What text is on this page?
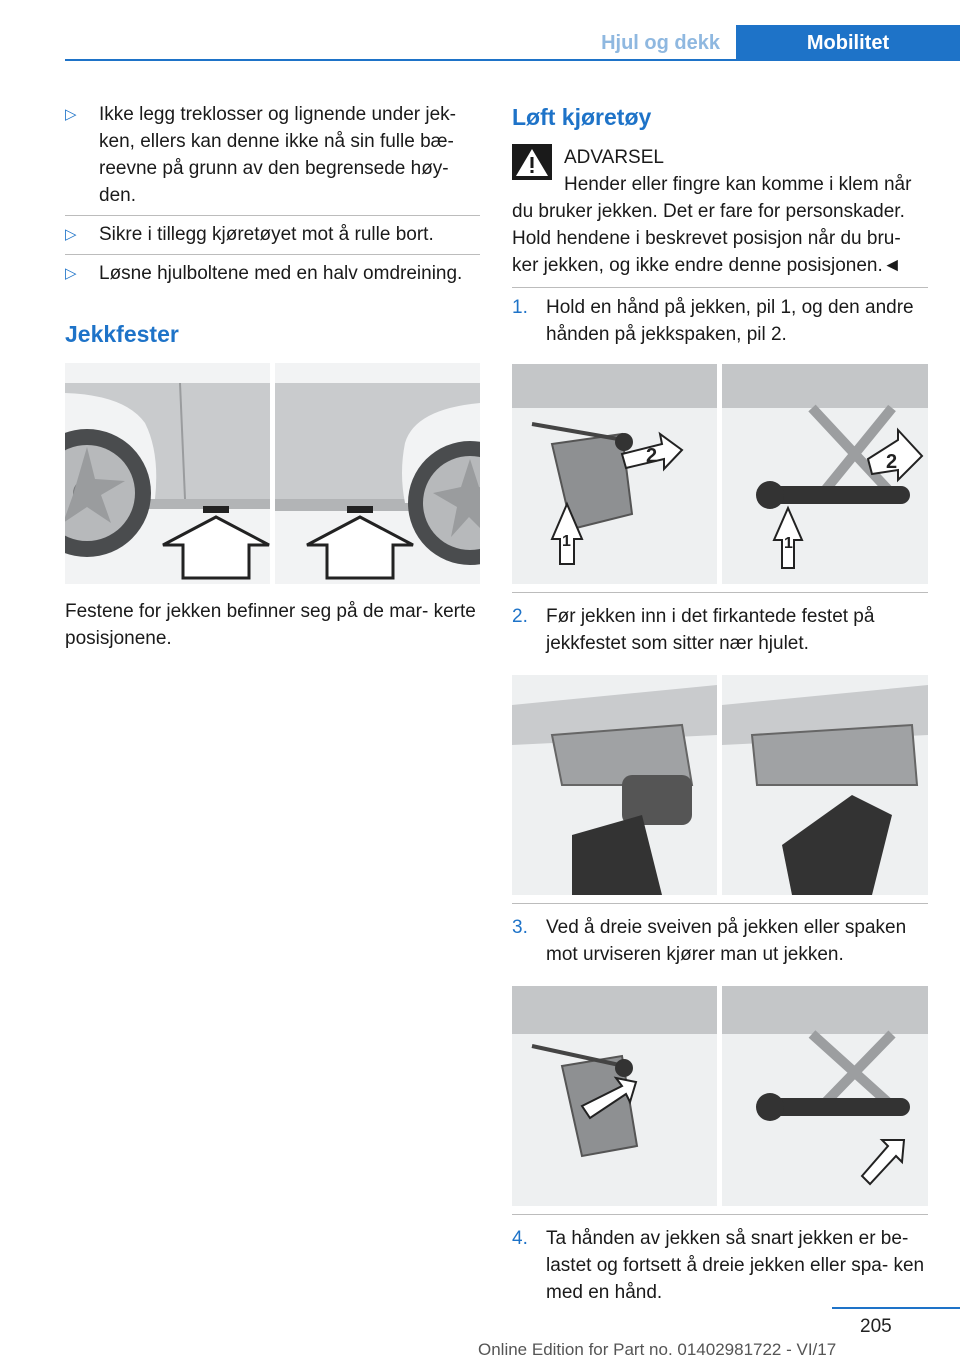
Hjul og dekk	Mobilitet
▷ Ikke legg treklosser og lignende under jek- ken, ellers kan denne ikke nå sin fulle bæ- reevne på grunn av den begrensede høy- den.
▷ Sikre i tillegg kjøretøyet mot å rulle bort.
▷ Løsne hjulboltene med en halv omdreining.
Jekkfester

Festene for jekken befinner seg på de mar- kerte posisjonene.

Løft kjøretøy
ADVARSEL

Hender eller fingre kan komme i klem når du bruker jekken. Det er fare for personskader. Hold hendene i beskrevet posisjon når du bru- ker jekken, og ikke endre denne posisjonen.◄

1. Hold en hånd på jekken, pil 1, og den andre hånden på jekkspaken, pil 2.
1
2	2
1
2. Før jekken inn i det firkantede festet på jekkfestet som sitter nær hjulet.
3. Ved å dreie sveiven på jekken eller spaken mot urviseren kjører man ut jekken.
4. Ta hånden av jekken så snart jekken er be- lastet og fortsett å dreie jekken eller spa- ken med en hånd.
205
Online Edition for Part no. 01402981722 - VI/17
